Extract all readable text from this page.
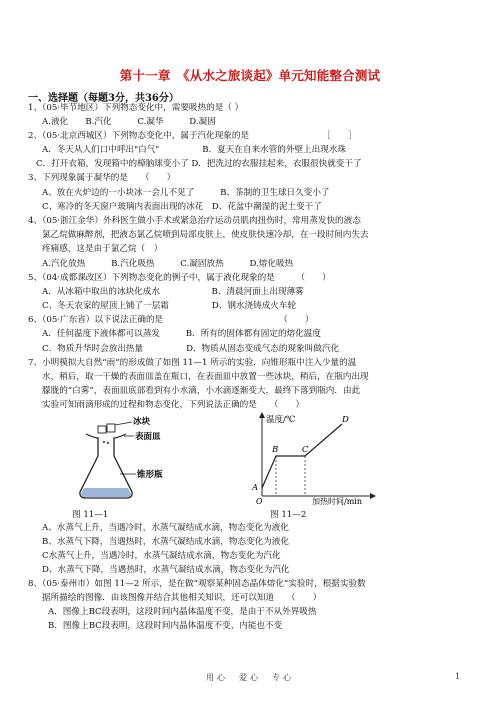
第十一章　《从水之旅谈起》单元知能整合测试
一、选择题（每题3分，共36分）
1、（05·毕节地区）下列物态变化中，需要吸热的是（ ）
A.液化　　B.汽化　　　C.凝华　　　D.凝固
2、（05·北京西城区）下列物态变化中，属于汽化现象的是　　　　　　　　　［　　］
A．冬天从人们口中呼出"白气"　　　　　B．夏天在自来水管的外壁上出现水珠
C．打开衣箱，发现箱中的樟脑球变小了 D．把洗过的衣服挂起来，衣服很快就变干了
3、下列现象属于凝华的是　　（　　）
A、放在火炉边的一小块冰一会儿不见了　　　B、茶制的卫生球日久变小了
C、寒冷的冬天窗户玻璃内表面出现的冰花　D、花盆中潮湿的泥土变干了
4、（05·浙江金华）外科医生做小手术或紧急治疗运动员肌肉扭伤时，常用蒸发快的液态
氯乙烷做麻醉剂，把液态氯乙烷喷到局部皮肤上，使皮肤快速冷却，在一段时间内失去
疼痛感，这是由于氯乙烷（　）
A.汽化放热　　　B.汽化吸热　　　C.凝固放热　　　D.熔化吸热
5、（04·成都课改区）下列物态变化的例子中，属于液化现象的是　　　（　　）
A．从冰箱中取出的冰块化成水　　　　　　B、清晨河面上出现薄雾
C、冬天农家的屋顶上铺了一层霜　　　　　D、钢水浇铸成火车轮
6、（05·广东省）以下说法正确的是　　　　　　　　　　　　　　（　　）
A．任何温度下液体都可以蒸发　　　B．所有的固体都有固定的熔化温度
C．物质升华时会放出热量　　　　　D．物质从固态变成气态的现象叫做汽化
7、小明模拟大自然“雨”的形成做了如图 11—1 所示的实验．向锥形瓶中注入少量的温
水，稍后，取一干燥的表面皿盖在瓶口，在表面皿中放置一些冰块，稍后，在瓶内出现
朦胧的“白雾”，表面皿底部看到有小水滴，小水滴逐渐变大，最终下落到瓶内．由此
实验可知雨滴形成的过程和物态变化，下列说法正确的是　　（　　）
冰块
表面皿
锥形瓶
图 11—1
温度/℃
A
B	C
D
O	加热时间/min
图 11—2
A、水蒸气上升，当遇冷时，水蒸气凝结成水滴，物态变化为液化
B、水蒸气下降，当遇热时，水蒸气凝结成水滴，物态变化为液化
C水蒸气上升，当遇冷时，水蒸气凝结成水滴，物态变化为汽化
D、水蒸气下降，当遇热时，水蒸气凝结成水滴，物态变化为汽化
8、（05·泰州市）如图 11—2 所示，是在做”观察某种固态晶体熔化”实验时，根据实验数
据所描绘的图像．由该图像并结合其他相关知识，还可以知道　　（　　）
A．图像上BC段表明，这段时间内晶体温度不变，是由于不从外界吸热
B．图像上BC段表明，这段时间内晶体温度不变、内能也不变
用心　爱心　专心	1
